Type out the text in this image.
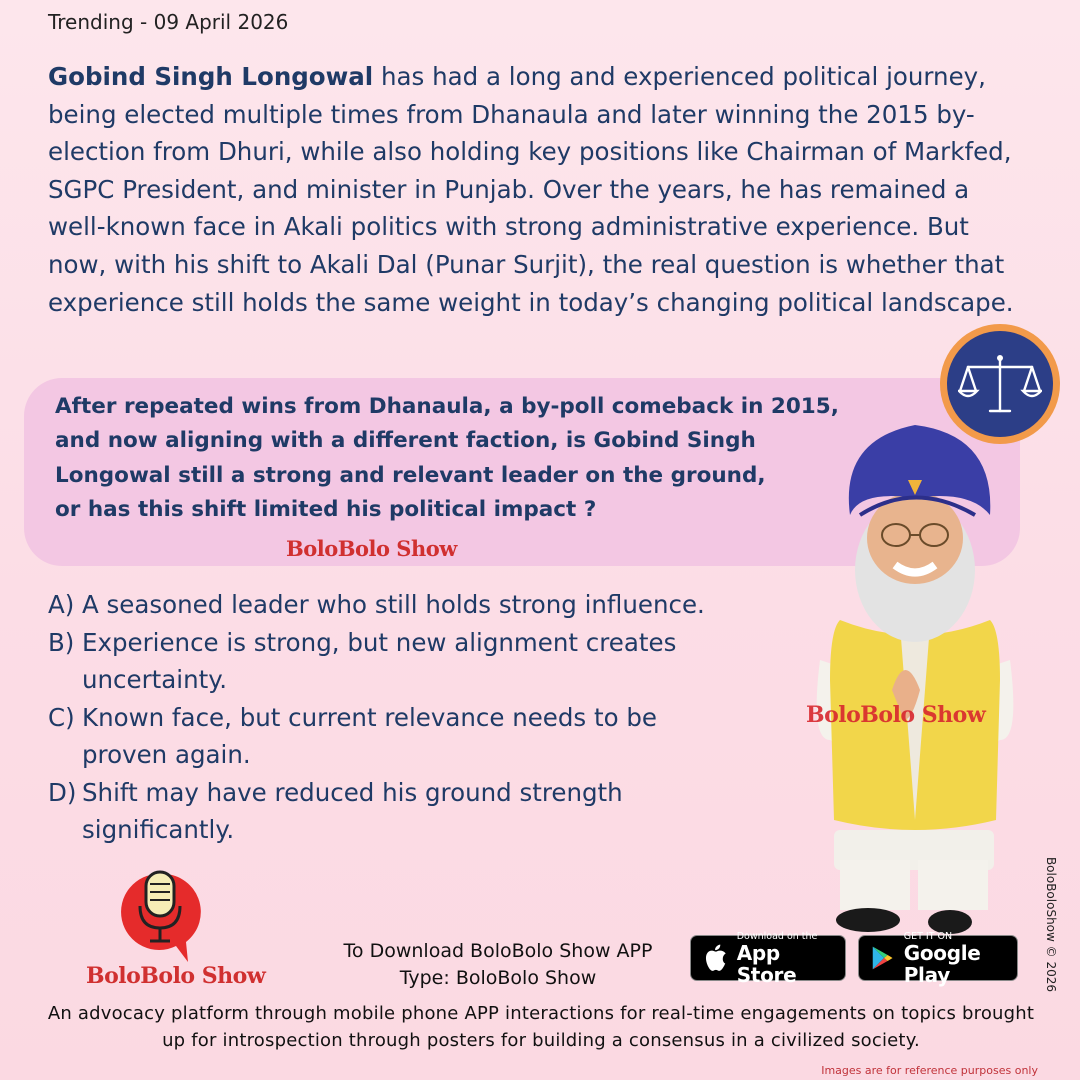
Trending - 09 April 2026
Gobind Singh Longowal has had a long and experienced political journey, being elected multiple times from Dhanaula and later winning the 2015 by-election from Dhuri, while also holding key positions like Chairman of Markfed, SGPC President, and minister in Punjab. Over the years, he has remained a well-known face in Akali politics with strong administrative experience. But now, with his shift to Akali Dal (Punar Surjit), the real question is whether that experience still holds the same weight in today’s changing political landscape.
After repeated wins from Dhanaula, a by-poll comeback in 2015,
and now aligning with a different faction, is Gobind Singh
Longowal still a strong and relevant leader on the ground,
or has this shift limited his political impact ?
BoloBolo Show
A) A seasoned leader who still holds strong influence.
B) Experience is strong, but new alignment creates uncertainty.
C) Known face, but current relevance needs to be proven again.
D) Shift may have reduced his ground strength significantly.
BoloBolo Show
BoloBolo Show
To Download BoloBolo Show APP
Type: BoloBolo Show
Download on the
App Store
GET IT ON
Google Play
An advocacy platform through mobile phone APP interactions for real-time engagements on topics brought up for introspection through posters for building a consensus in a civilized society.
BoloBoloShow © 2026
Images are for reference purposes only
